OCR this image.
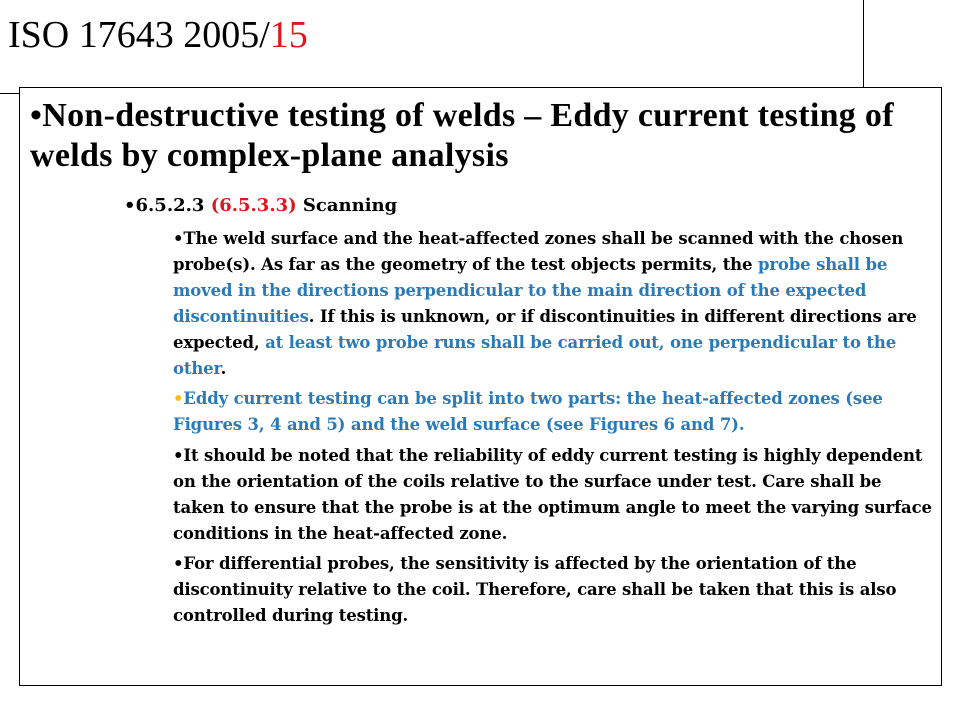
ISO 17643 2005/15
•Non-destructive testing of welds – Eddy current testing of welds by complex-plane analysis
•6.5.2.3 (6.5.3.3) Scanning
•The weld surface and the heat-affected zones shall be scanned with the chosen probe(s). As far as the geometry of the test objects permits, the probe shall be moved in the directions perpendicular to the main direction of the expected discontinuities. If this is unknown, or if discontinuities in different directions are expected, at least two probe runs shall be carried out, one perpendicular to the other.
•Eddy current testing can be split into two parts: the heat-affected zones (see Figures 3, 4 and 5) and the weld surface (see Figures 6 and 7).
•It should be noted that the reliability of eddy current testing is highly dependent on the orientation of the coils relative to the surface under test. Care shall be taken to ensure that the probe is at the optimum angle to meet the varying surface conditions in the heat-affected zone.
•For differential probes, the sensitivity is affected by the orientation of the discontinuity relative to the coil. Therefore, care shall be taken that this is also controlled during testing.
